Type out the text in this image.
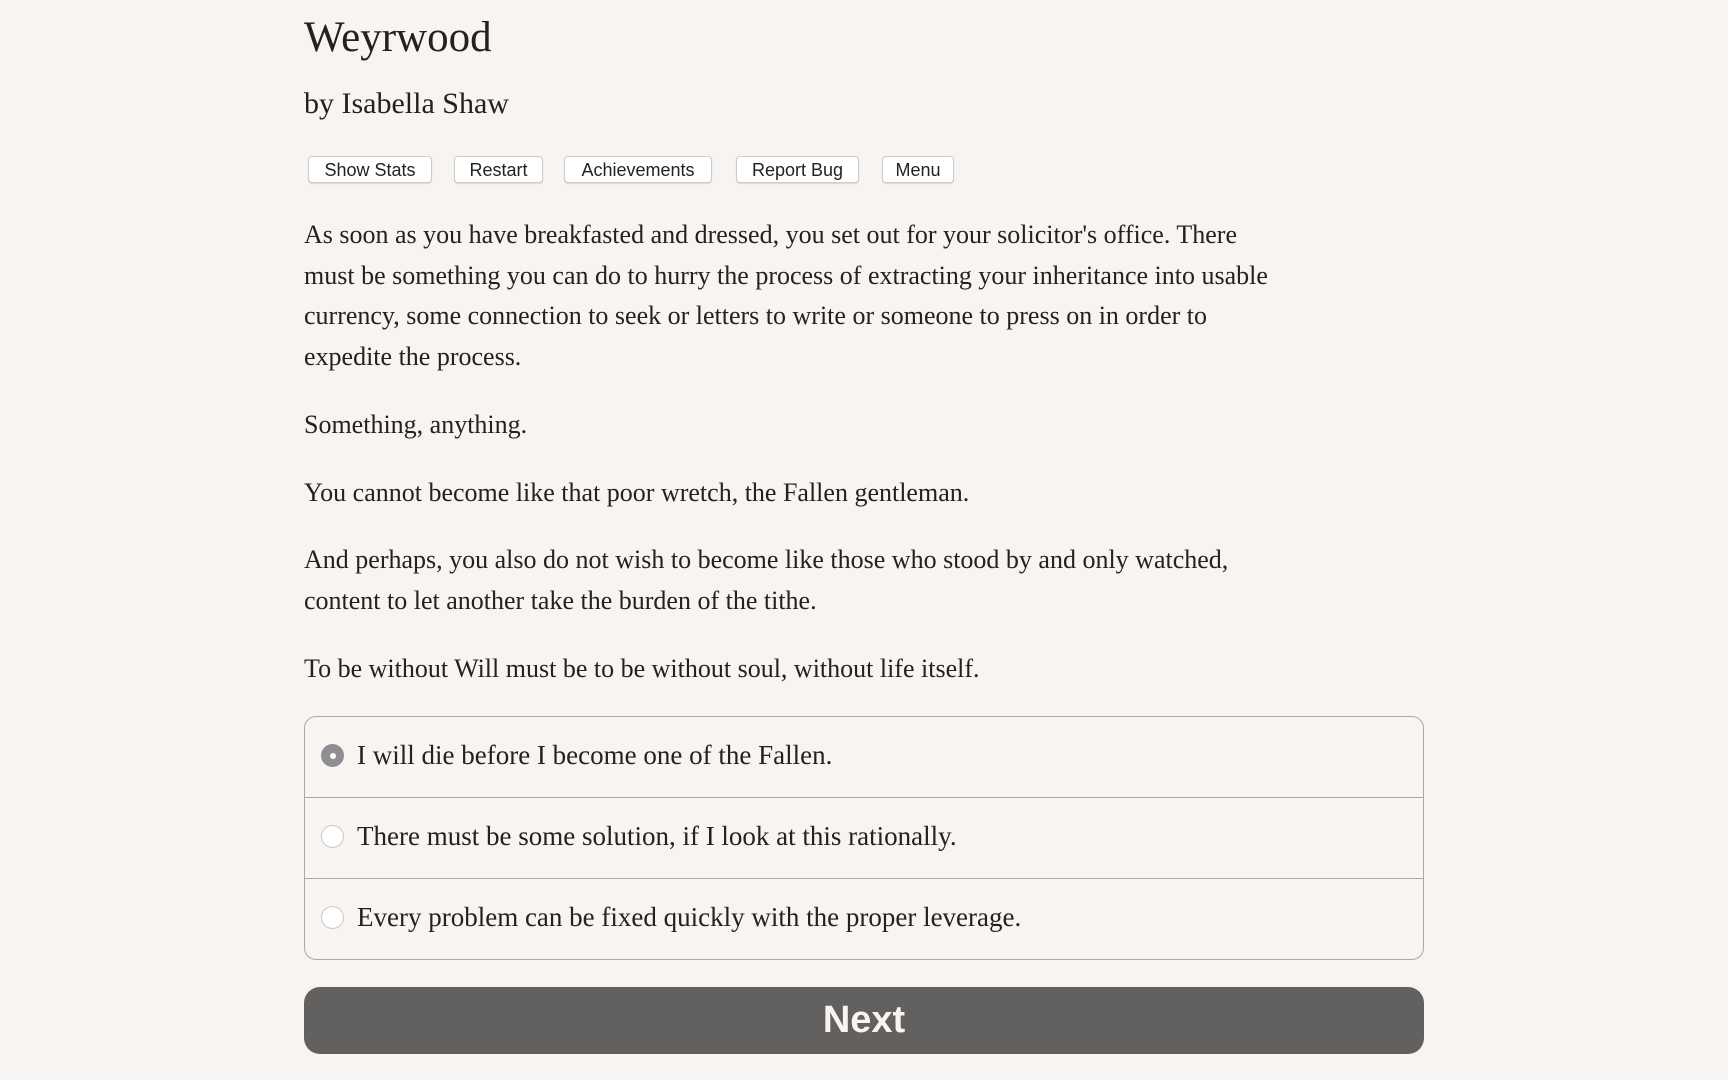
Weyrwood
by Isabella Shaw
Show Stats	Restart	Achievements	Report Bug	Menu

As soon as you have breakfasted and dressed, you set out for your solicitor's office. There
must be something you can do to hurry the process of extracting your inheritance into usable
currency, some connection to seek or letters to write or someone to press on in order to
expedite the process.

Something, anything.

You cannot become like that poor wretch, the Fallen gentleman.

And perhaps, you also do not wish to become like those who stood by and only watched,
content to let another take the burden of the tithe.

To be without Will must be to be without soul, without life itself.

I will die before I become one of the Fallen.
There must be some solution, if I look at this rationally.
Every problem can be fixed quickly with the proper leverage.
Next
